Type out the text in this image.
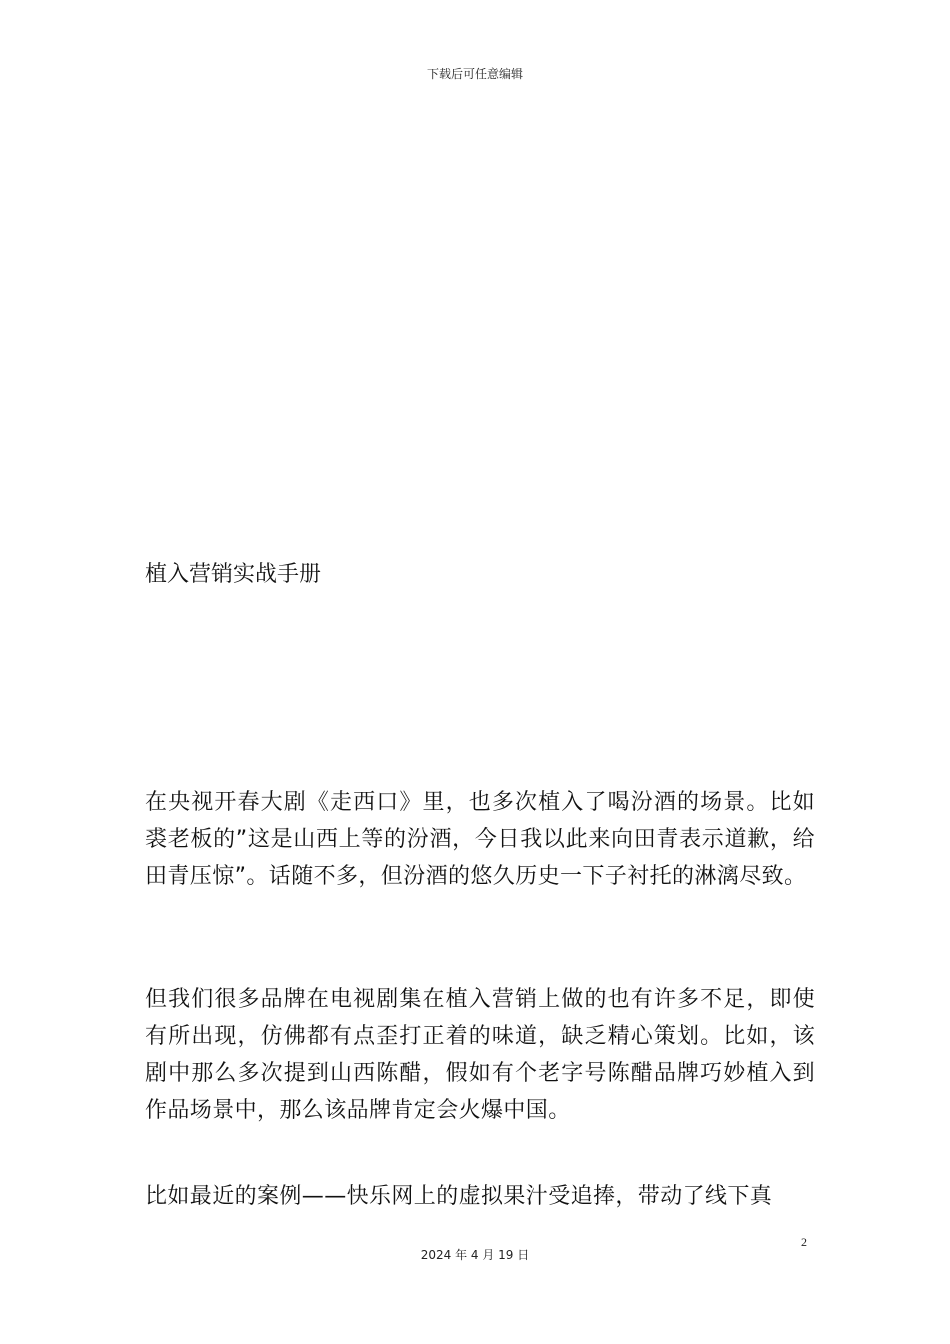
下载后可任意编辑
植入营销实战手册

在央视开春大剧《走西口》里，也多次植入了喝汾酒的场景。比如裘老板的”这是山西上等的汾酒，今日我以此来向田青表示道歉，给田青压惊”。话随不多，但汾酒的悠久历史一下子衬托的淋漓尽致。

但我们很多品牌在电视剧集在植入营销上做的也有许多不足，即使有所出现，仿佛都有点歪打正着的味道，缺乏精心策划。比如，该剧中那么多次提到山西陈醋，假如有个老字号陈醋品牌巧妙植入到作品场景中，那么该品牌肯定会火爆中国。

比如最近的案例——快乐网上的虚拟果汁受追捧，带动了线下真

2
2024 年 4 月 19 日
